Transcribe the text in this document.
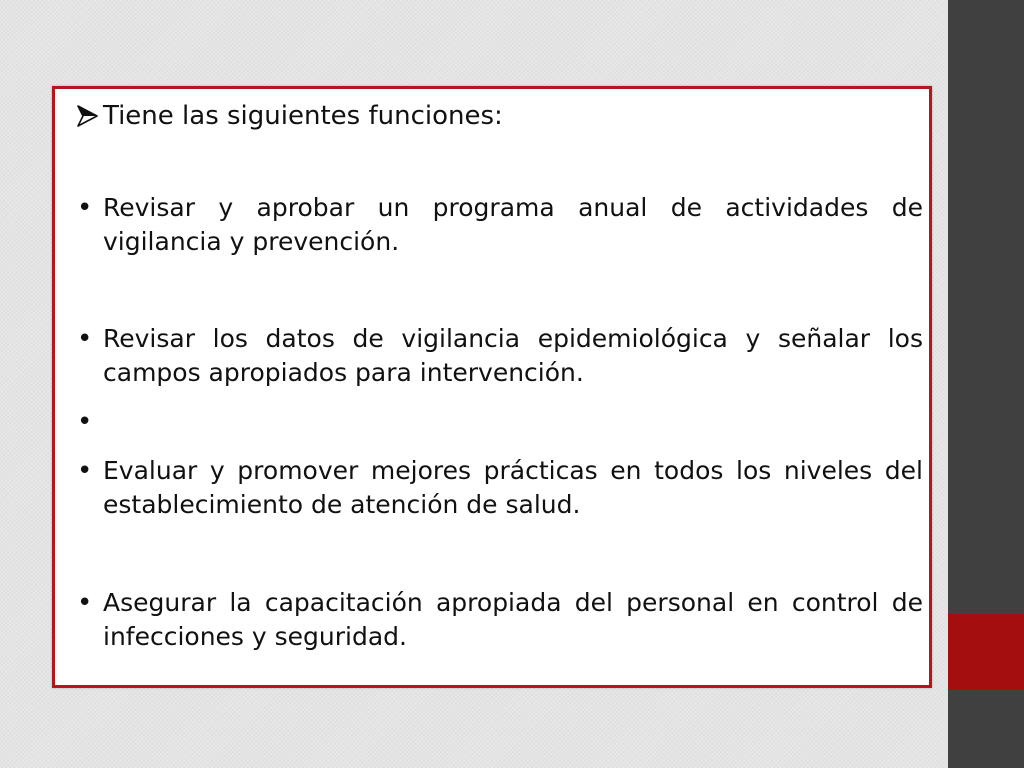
Tiene las siguientes funciones:
• Revisar y aprobar un programa anual de actividades de vigilancia y prevención.
• Revisar los datos de vigilancia epidemiológica y señalar los campos apropiados para intervención.
•
• Evaluar y promover mejores prácticas en todos los niveles del establecimiento de atención de salud.
• Asegurar la capacitación apropiada del personal en control de infecciones y seguridad.
